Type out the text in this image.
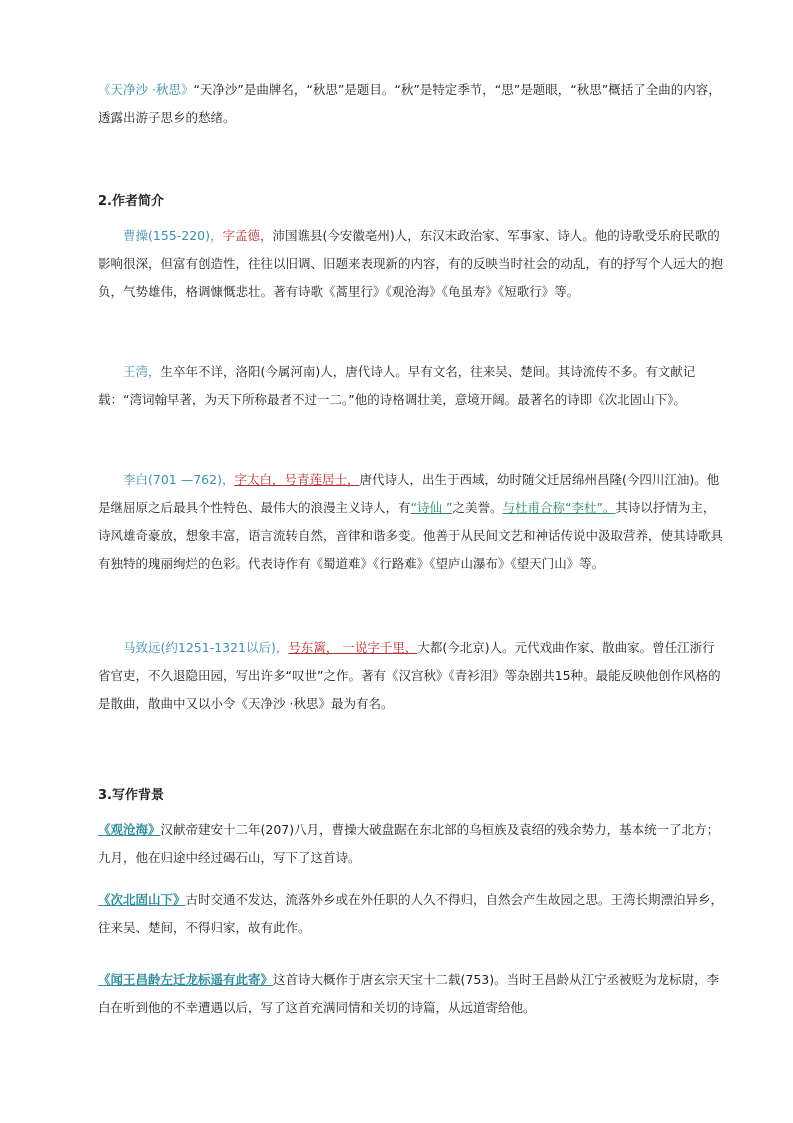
《天净沙 ·秋思》“天净沙”是曲牌名，“秋思”是题目。“秋”是特定季节，“思”是题眼，“秋思”概括了全曲的内容，透露出游子思乡的愁绪。

2.作者简介

曹操(155-220)，字孟德，沛国谯县(今安徽亳州)人，东汉末政治家、军事家、诗人。他的诗歌受乐府民歌的影响很深，但富有创造性，往往以旧调、旧题来表现新的内容，有的反映当时社会的动乱，有的抒写个人远大的抱负，气势雄伟，格调慷慨悲壮。著有诗歌《蒿里行》《观沧海》《龟虽寿》《短歌行》等。

王湾，生卒年不详，洛阳(今属河南)人，唐代诗人。早有文名，往来吴、楚间。其诗流传不多。有文献记载：“湾词翰早著，为天下所称最者不过一二。”他的诗格调壮美，意境开阔。最著名的诗即《次北固山下》。

李白(701 —762)，字太白，号青莲居士，唐代诗人，出生于西域，幼时随父迁居绵州昌隆(今四川江油)。他是继屈原之后最具个性特色、最伟大的浪漫主义诗人，有“诗仙 ”之美誉。与杜甫合称“李杜”。其诗以抒情为主，诗风雄奇豪放，想象丰富，语言流转自然，音律和谐多变。他善于从民间文艺和神话传说中汲取营养，使其诗歌具有独特的瑰丽绚烂的色彩。代表诗作有《蜀道难》《行路难》《望庐山瀑布》《望天门山》等。

马致远(约1251-1321以后)，号东篱， 一说字千里，大都(今北京)人。元代戏曲作家、散曲家。曾任江浙行省官吏，不久退隐田园，写出许多“叹世”之作。著有《汉宫秋》《青衫泪》等杂剧共15种。最能反映他创作风格的是散曲，散曲中又以小令《天净沙 ·秋思》最为有名。

3.写作背景

《观沧海》汉献帝建安十二年(207)八月，曹操大破盘踞在东北部的乌桓族及袁绍的残余势力，基本统一了北方；九月，他在归途中经过碣石山，写下了这首诗。

《次北固山下》古时交通不发达，流落外乡或在外任职的人久不得归，自然会产生故园之思。王湾长期漂泊异乡，往来吴、楚间，不得归家，故有此作。

《闻王昌龄左迁龙标遥有此寄》这首诗大概作于唐玄宗天宝十二载(753)。当时王昌龄从江宁丞被贬为龙标尉，李白在听到他的不幸遭遇以后，写了这首充满同情和关切的诗篇，从远道寄给他。
